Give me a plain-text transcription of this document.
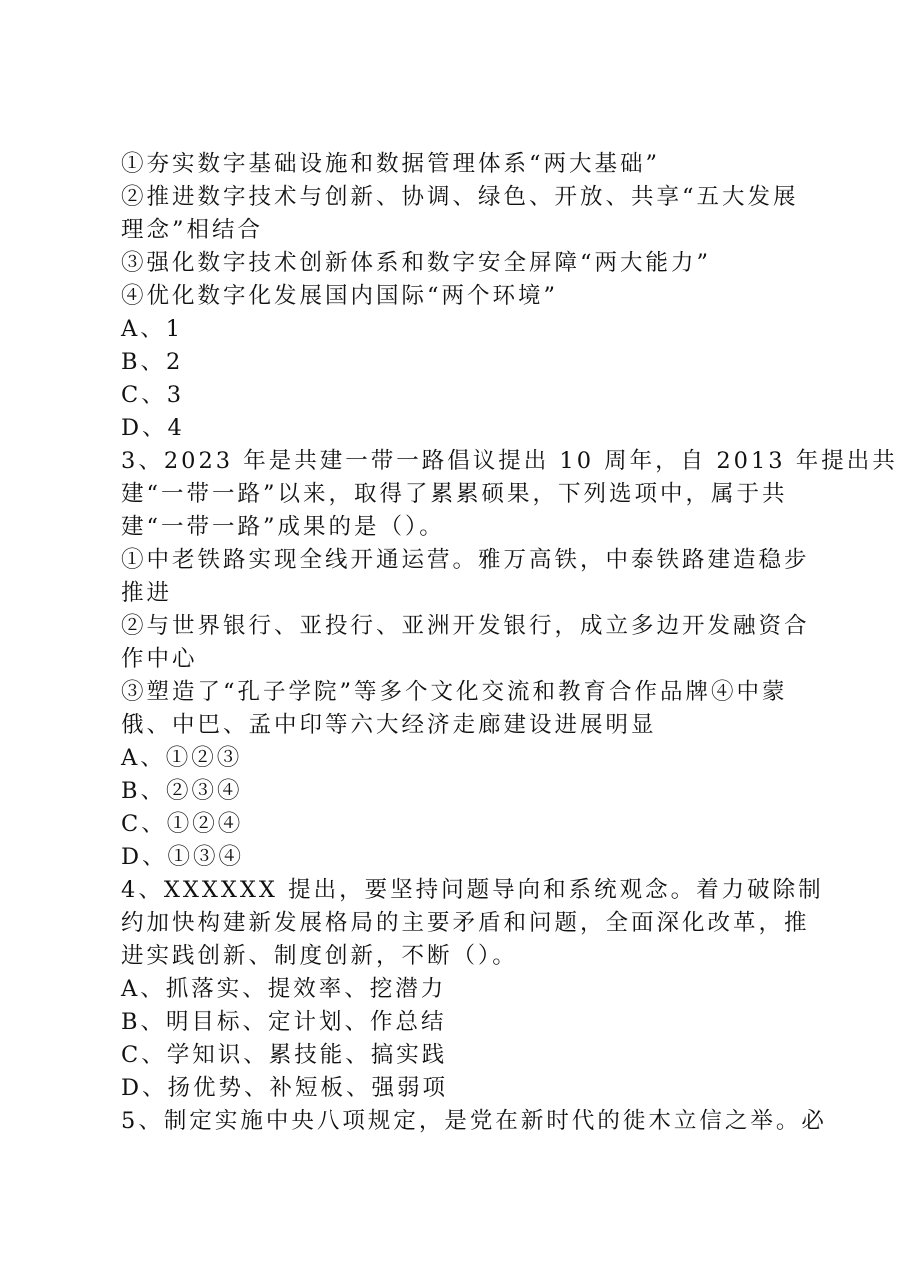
①夯实数字基础设施和数据管理体系“两大基础”
②推进数字技术与创新、协调、绿色、开放、共享“五大发展
理念”相结合
③强化数字技术创新体系和数字安全屏障“两大能力”
④优化数字化发展国内国际“两个环境”
A、1
B、2
C、3
D、4
3、2023 年是共建一带一路倡议提出 10 周年，自 2013 年提出共
建“一带一路”以来，取得了累累硕果，下列选项中，属于共
建“一带一路”成果的是（）。
①中老铁路实现全线开通运营。雅万高铁，中泰铁路建造稳步
推进
②与世界银行、亚投行、亚洲开发银行，成立多边开发融资合
作中心
③塑造了“孔子学院”等多个文化交流和教育合作品牌④中蒙
俄、中巴、孟中印等六大经济走廊建设进展明显
A、①②③
B、②③④
C、①②④
D、①③④
4、XXXXXX 提出，要坚持问题导向和系统观念。着力破除制
约加快构建新发展格局的主要矛盾和问题，全面深化改革，推
进实践创新、制度创新，不断（）。
A、抓落实、提效率、挖潜力
B、明目标、定计划、作总结
C、学知识、累技能、搞实践
D、扬优势、补短板、强弱项
5、制定实施中央八项规定，是党在新时代的徙木立信之举。必
